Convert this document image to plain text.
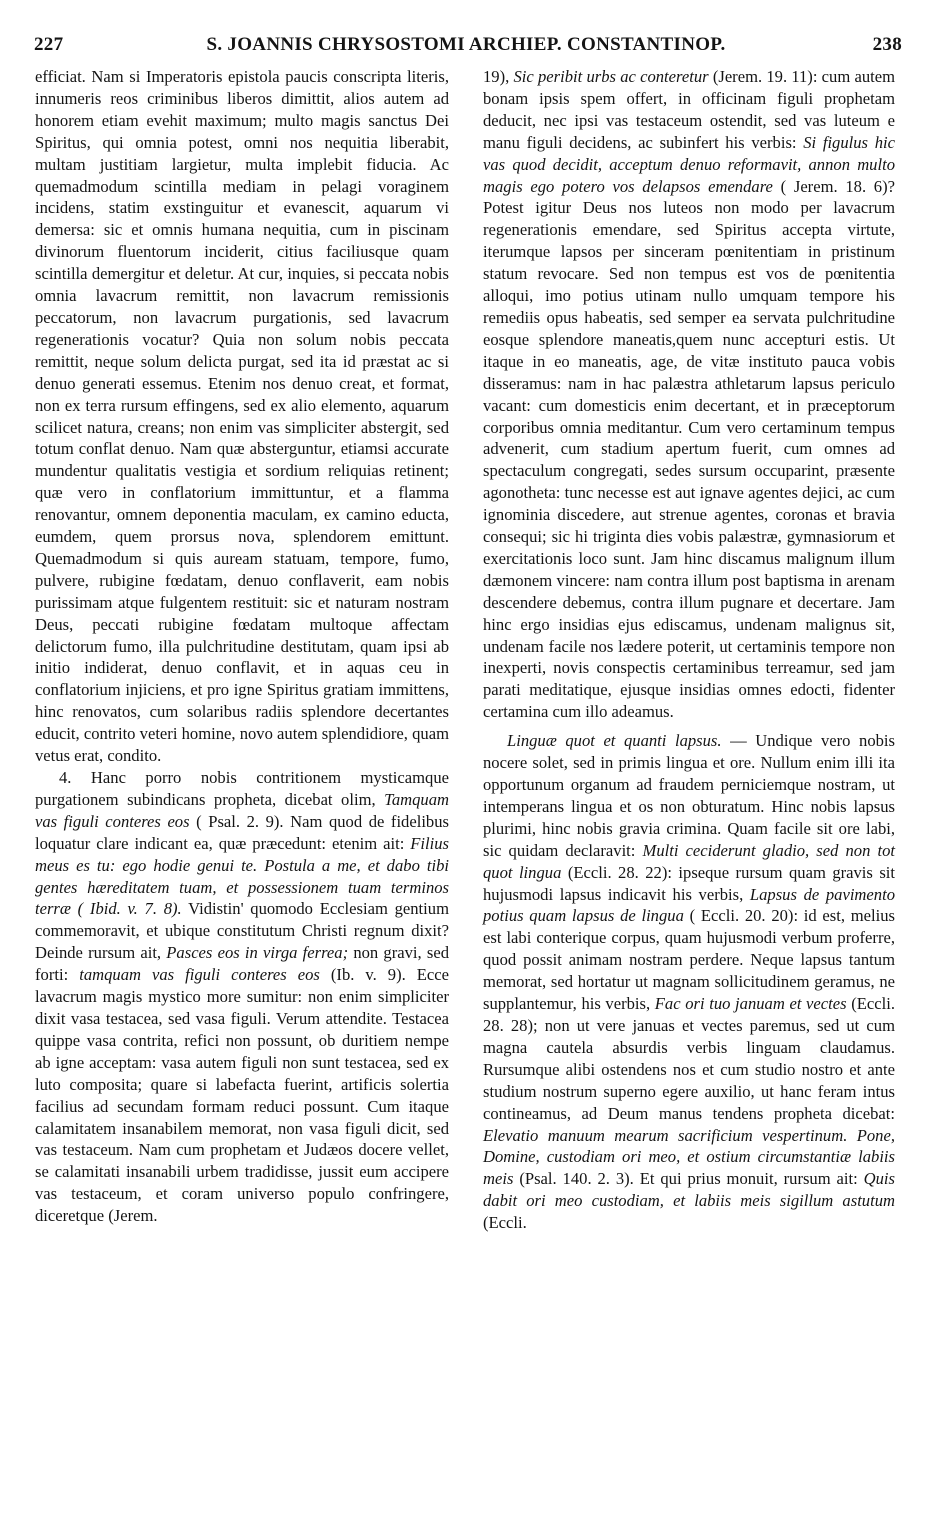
227	S. JOANNIS CHRYSOSTOMI ARCHIEP. CONSTANTINOP.	238

efficiat. Nam si Imperatoris epistola paucis conscripta literis, innumeris reos criminibus liberos dimittit, alios autem ad honorem etiam evehit maximum; multo magis sanctus Dei Spiritus, qui omnia potest, omni nos nequitia liberabit, multam justitiam largietur, multa implebit fiducia. Ac quemadmodum scintilla mediam in pelagi voraginem incidens, statim exstinguitur et evanescit, aquarum vi demersa: sic et omnis humana nequitia, cum in piscinam divinorum fluentorum inciderit, citius faciliusque quam scintilla demergitur et deletur. At cur, inquies, si peccata nobis omnia lavacrum remittit, non lavacrum remissionis peccatorum, non lavacrum purgationis, sed lavacrum regenerationis vocatur? Quia non solum nobis peccata remittit, neque solum delicta purgat, sed ita id præstat ac si denuo generati essemus. Etenim nos denuo creat, et format, non ex terra rursum effingens, sed ex alio elemento, aquarum scilicet natura, creans; non enim vas simpliciter abstergit, sed totum conflat denuo. Nam quæ absterguntur, etiamsi accurate mundentur qualitatis vestigia et sordium reliquias retinent; quæ vero in conflatorium immittuntur, et a flamma renovantur, omnem deponentia maculam, ex camino educta, eumdem, quem prorsus nova, splendorem emittunt. Quemadmodum si quis auream statuam, tempore, fumo, pulvere, rubigine fœdatam, denuo conflaverit, eam nobis purissimam atque fulgentem restituit: sic et naturam nostram Deus, peccati rubigine fœdatam multoque affectam delictorum fumo, illa pulchritudine destitutam, quam ipsi ab initio indiderat, denuo conflavit, et in aquas ceu in conflatorium injiciens, et pro igne Spiritus gratiam immittens, hinc renovatos, cum solaribus radiis splendore decertantes educit, contrito veteri homine, novo autem splendidiore, quam vetus erat, condito.

4. Hanc porro nobis contritionem mysticamque purgationem subindicans propheta, dicebat olim, Tamquam vas figuli conteres eos ( Psal. 2. 9). Nam quod de fidelibus loquatur clare indicant ea, quæ præcedunt: etenim ait: Filius meus es tu: ego hodie genui te. Postula a me, et dabo tibi gentes hæreditatem tuam, et possessionem tuam terminos terræ ( Ibid. v. 7. 8). Vidistin' quomodo Ecclesiam gentium commemoravit, et ubique constitutum Christi regnum dixit? Deinde rursum ait, Pasces eos in virga ferrea; non gravi, sed forti: tamquam vas figuli conteres eos (Ib. v. 9). Ecce lavacrum magis mystico more sumitur: non enim simpliciter dixit vasa testacea, sed vasa figuli. Verum attendite. Testacea quippe vasa contrita, refici non possunt, ob duritiem nempe ab igne acceptam: vasa autem figuli non sunt testacea, sed ex luto composita; quare si labefacta fuerint, artificis solertia facilius ad secundam formam reduci possunt. Cum itaque calamitatem insanabilem memorat, non vasa figuli dicit, sed vas testaceum. Nam cum prophetam et Judæos docere vellet, se calamitati insanabili urbem tradidisse, jussit eum accipere vas testaceum, et coram universo populo confringere, diceretque (Jerem.

19), Sic peribit urbs ac conteretur (Jerem. 19. 11): cum autem bonam ipsis spem offert, in officinam figuli prophetam deducit, nec ipsi vas testaceum ostendit, sed vas luteum e manu figuli decidens, ac subinfert his verbis: Si figulus hic vas quod decidit, acceptum denuo reformavit, annon multo magis ego potero vos delapsos emendare ( Jerem. 18. 6)? Potest igitur Deus nos luteos non modo per lavacrum regenerationis emendare, sed Spiritus accepta virtute, iterumque lapsos per sinceram pœnitentiam in pristinum statum revocare. Sed non tempus est vos de pœnitentia alloqui, imo potius utinam nullo umquam tempore his remediis opus habeatis, sed semper ea servata pulchritudine eosque splendore maneatis,quem nunc accepturi estis. Ut itaque in eo maneatis, age, de vitæ instituto pauca vobis disseramus: nam in hac palæstra athletarum lapsus periculo vacant: cum domesticis enim decertant, et in præceptorum corporibus omnia meditantur. Cum vero certaminum tempus advenerit, cum stadium apertum fuerit, cum omnes ad spectaculum congregati, sedes sursum occuparint, præsente agonotheta: tunc necesse est aut ignave agentes dejici, ac cum ignominia discedere, aut strenue agentes, coronas et bravia consequi; sic hi triginta dies vobis palæstræ, gymnasiorum et exercitationis loco sunt. Jam hinc discamus malignum illum dæmonem vincere: nam contra illum post baptisma in arenam descendere debemus, contra illum pugnare et decertare. Jam hinc ergo insidias ejus ediscamus, undenam malignus sit, undenam facile nos lædere poterit, ut certaminis tempore non inexperti, novis conspectis certaminibus terreamur, sed jam parati meditatique, ejusque insidias omnes edocti, fidenter certamina cum illo adeamus.

Linguæ quot et quanti lapsus. — Undique vero nobis nocere solet, sed in primis lingua et ore. Nullum enim illi ita opportunum organum ad fraudem perniciemque nostram, ut intemperans lingua et os non obturatum. Hinc nobis lapsus plurimi, hinc nobis gravia crimina. Quam facile sit ore labi, sic quidam declaravit: Multi ceciderunt gladio, sed non tot quot lingua (Eccli. 28. 22): ipseque rursum quam gravis sit hujusmodi lapsus indicavit his verbis, Lapsus de pavimento potius quam lapsus de lingua ( Eccli. 20. 20): id est, melius est labi conterique corpus, quam hujusmodi verbum proferre, quod possit animam nostram perdere. Neque lapsus tantum memorat, sed hortatur ut magnam sollicitudinem geramus, ne supplantemur, his verbis, Fac ori tuo januam et vectes (Eccli. 28. 28); non ut vere januas et vectes paremus, sed ut cum magna cautela absurdis verbis linguam claudamus. Rursumque alibi ostendens nos et cum studio nostro et ante studium nostrum superno egere auxilio, ut hanc feram intus contineamus, ad Deum manus tendens propheta dicebat: Elevatio manuum mearum sacrificium vespertinum. Pone, Domine, custodiam ori meo, et ostium circumstantiæ labiis meis (Psal. 140. 2. 3). Et qui prius monuit, rursum ait: Quis dabit ori meo custodiam, et labiis meis sigillum astutum (Eccli.
